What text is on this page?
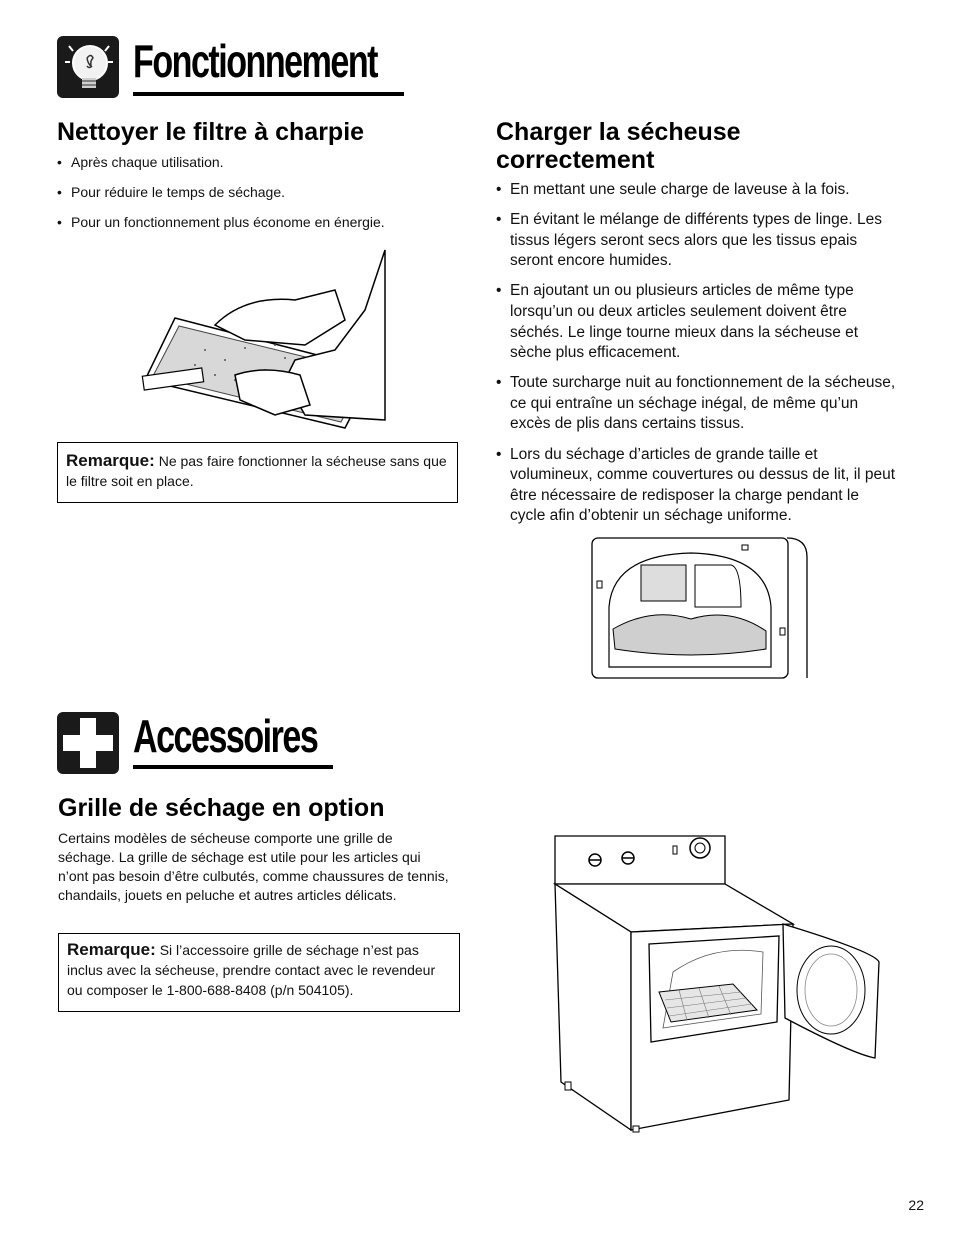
Fonctionnement
Nettoyer le filtre à charpie
• Après chaque utilisation.
• Pour réduire le temps de séchage.
• Pour un fonctionnement plus économe en énergie.
Remarque: Ne pas faire fonctionner la sécheuse sans que le filtre soit en place.
Charger la sécheuse correctement
• En mettant une seule charge de laveuse à la fois.
• En évitant le mélange de différents types de linge. Les tissus légers seront secs alors que les tissus epais seront encore humides.
• En ajoutant un ou plusieurs articles de même type lorsqu’un ou deux articles seulement doivent être séchés. Le linge tourne mieux dans la sécheuse et sèche plus efficacement.
• Toute surcharge nuit au fonctionnement de la sécheuse, ce qui entraîne un séchage inégal, de même qu’un excès de plis dans certains tissus.
• Lors du séchage d’articles de grande taille et volumineux, comme couvertures ou dessus de lit, il peut être nécessaire de redisposer la charge pendant le cycle afin d’obtenir un séchage uniforme.
Accessoires
Grille de séchage en option
Certains modèles de sécheuse comporte une grille de séchage. La grille de séchage est utile pour les articles qui n’ont pas besoin d’être culbutés, comme chaussures de tennis, chandails, jouets en peluche et autres articles délicats.
Remarque: Si l’accessoire grille de séchage n’est pas inclus avec la sécheuse, prendre contact avec le revendeur ou composer le 1-800-688-8408 (p/n 504105).
22
